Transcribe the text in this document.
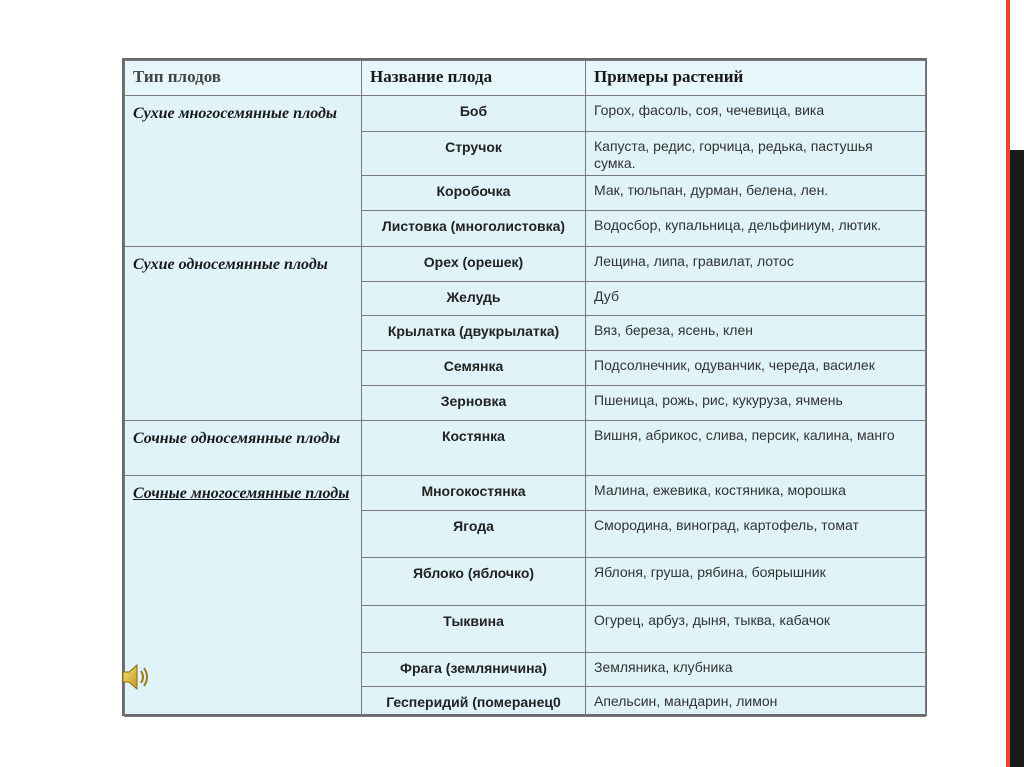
Тип плодов	Название плода	Примеры растений
Сухие многосемянные плоды	Боб	Горох, фасоль, соя, чечевица, вика
	Стручок	Капуста, редис, горчица, редька, пастушья сумка.
	Коробочка	Мак, тюльпан, дурман, белена, лен.
	Листовка (многолистовка)	Водосбор, купальница, дельфиниум, лютик.
Сухие односемянные плоды	Орех (орешек)	Лещина, липа, гравилат, лотос
	Желудь	Дуб
	Крылатка (двукрылатка)	Вяз, береза, ясень, клен
	Семянка	Подсолнечник, одуванчик, череда, василек
	Зерновка	Пшеница, рожь, рис, кукуруза, ячмень
Сочные односемянные плоды	Костянка	Вишня, абрикос, слива, персик, калина, манго
Сочные многосемянные плоды	Многокостянка	Малина, ежевика, костяника, морошка
	Ягода	Смородина, виноград, картофель, томат
	Яблоко (яблочко)	Яблоня, груша, рябина, боярышник
	Тыквина	Огурец, арбуз, дыня, тыква, кабачок
	Фрага (земляничина)	Земляника, клубника
	Гесперидий (померанец0	Апельсин, мандарин, лимон
